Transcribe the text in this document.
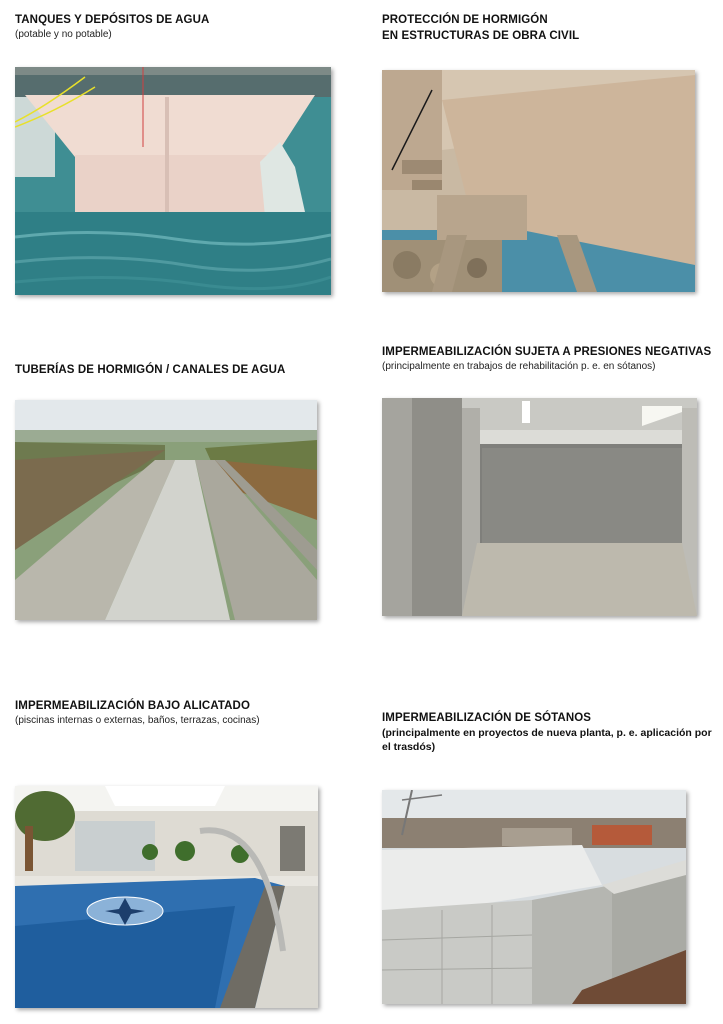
TANQUES Y DEPÓSITOS DE AGUA
(potable y no potable)
PROTECCIÓN DE HORMIGÓN
EN ESTRUCTURAS DE OBRA CIVIL
TUBERÍAS DE HORMIGÓN / CANALES DE AGUA
IMPERMEABILIZACIÓN SUJETA A PRESIONES NEGATIVAS
(principalmente en trabajos de rehabilitación p. e. en sótanos)
IMPERMEABILIZACIÓN BAJO ALICATADO
(piscinas internas o externas, baños, terrazas, cocinas)	IMPERMEABILIZACIÓN DE SÓTANOS
(principalmente en proyectos de nueva planta, p. e. aplicación por
el trasdós)
